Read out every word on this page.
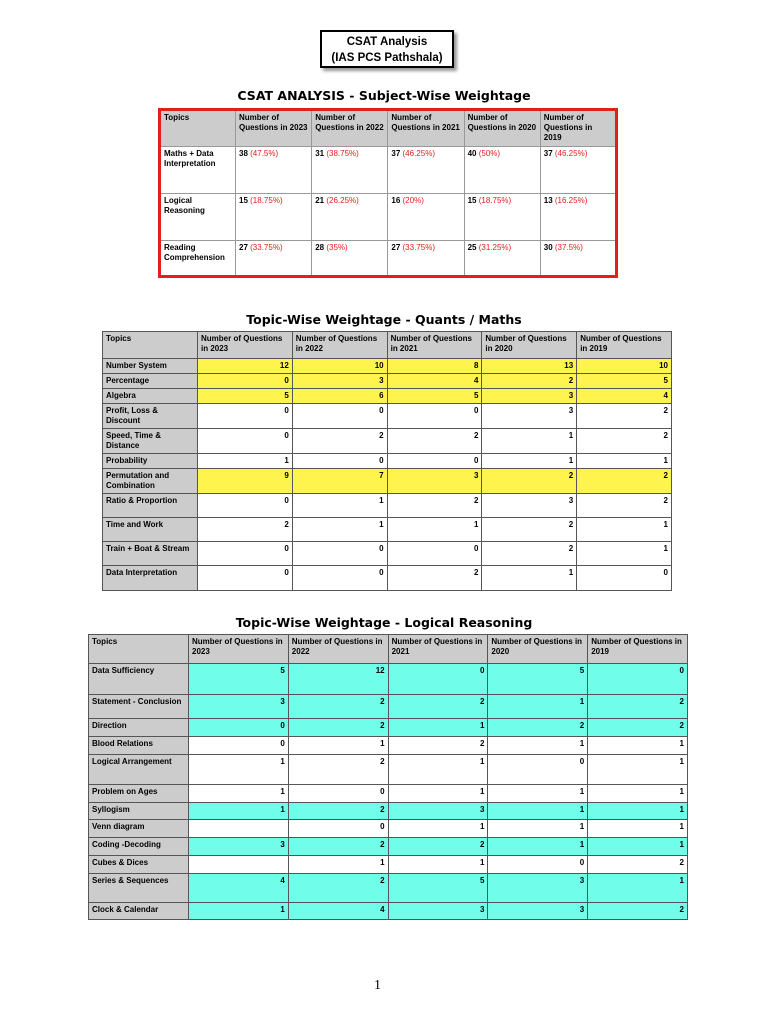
CSAT Analysis
(IAS PCS Pathshala)
CSAT ANALYSIS - Subject-Wise Weightage
Topics	Number of Questions in 2023	Number of Questions in 2022	Number of Questions in 2021	Number of Questions in 2020	Number of Questions in 2019
Maths + Data Interpretation	38 (47.5%)	31 (38.75%)	37 (46.25%)	40 (50%)	37 (46.25%)
Logical Reasoning	15 (18.75%)	21 (26.25%)	16 (20%)	15 (18.75%)	13 (16.25%)
Reading Comprehension	27 (33.75%)	28 (35%)	27 (33.75%)	25 (31.25%)	30 (37.5%)
Topic-Wise Weightage - Quants / Maths
Topics	Number of Questions in 2023	Number of Questions in 2022	Number of Questions in 2021	Number of Questions in 2020	Number of Questions in 2019
Number System	12	10	8	13	10
Percentage	0	3	4	2	5
Algebra	5	6	5	3	4
Profit, Loss & Discount	0	0	0	3	2
Speed, Time & Distance	0	2	2	1	2
Probability	1	0	0	1	1
Permutation and Combination	9	7	3	2	2
Ratio & Proportion	0	1	2	3	2
Time and Work	2	1	1	2	1
Train + Boat & Stream	0	0	0	2	1
Data Interpretation	0	0	2	1	0
Topic-Wise Weightage - Logical Reasoning
Topics	Number of Questions in 2023	Number of Questions in 2022	Number of Questions in 2021	Number of Questions in 2020	Number of Questions in 2019
Data Sufficiency	5	12	0	5	0
Statement - Conclusion	3	2	2	1	2
Direction	0	2	1	2	2
Blood Relations	0	1	2	1	1
Logical Arrangement	1	2	1	0	1
Problem on Ages	1	0	1	1	1
Syllogism	1	2	3	1	1
Venn diagram		0	1	1	1
Coding -Decoding	3	2	2	1	1
Cubes & Dices		1	1	0	2
Series & Sequences	4	2	5	3	1
Clock & Calendar	1	4	3	3	2
1
